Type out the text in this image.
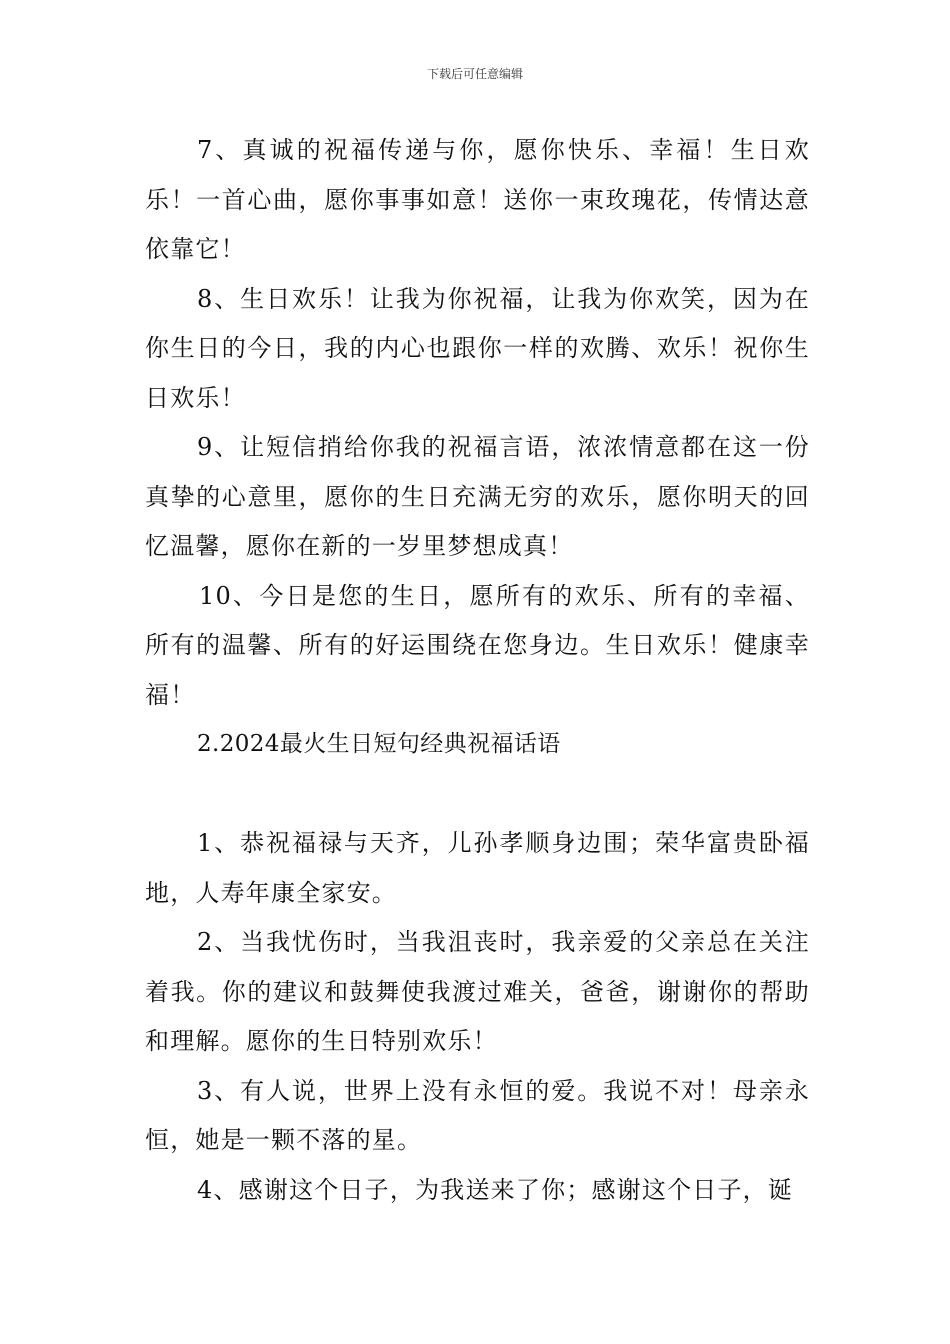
下载后可任意编辑

7、真诚的祝福传递与你，愿你快乐、幸福！生日欢乐！一首心曲，愿你事事如意！送你一束玫瑰花，传情达意依靠它！

8、生日欢乐！让我为你祝福，让我为你欢笑，因为在你生日的今日，我的内心也跟你一样的欢腾、欢乐！祝你生日欢乐！

9、让短信捎给你我的祝福言语，浓浓情意都在这一份真挚的心意里，愿你的生日充满无穷的欢乐，愿你明天的回忆温馨，愿你在新的一岁里梦想成真！

10、今日是您的生日，愿所有的欢乐、所有的幸福、所有的温馨、所有的好运围绕在您身边。生日欢乐！健康幸福！

2.2024最火生日短句经典祝福话语

1、恭祝福禄与天齐，儿孙孝顺身边围；荣华富贵卧福地，人寿年康全家安。

2、当我忧伤时，当我沮丧时，我亲爱的父亲总在关注着我。你的建议和鼓舞使我渡过难关，爸爸，谢谢你的帮助和理解。愿你的生日特别欢乐！

3、有人说，世界上没有永恒的爱。我说不对！母亲永恒，她是一颗不落的星。

4、感谢这个日子，为我送来了你；感谢这个日子，诞
